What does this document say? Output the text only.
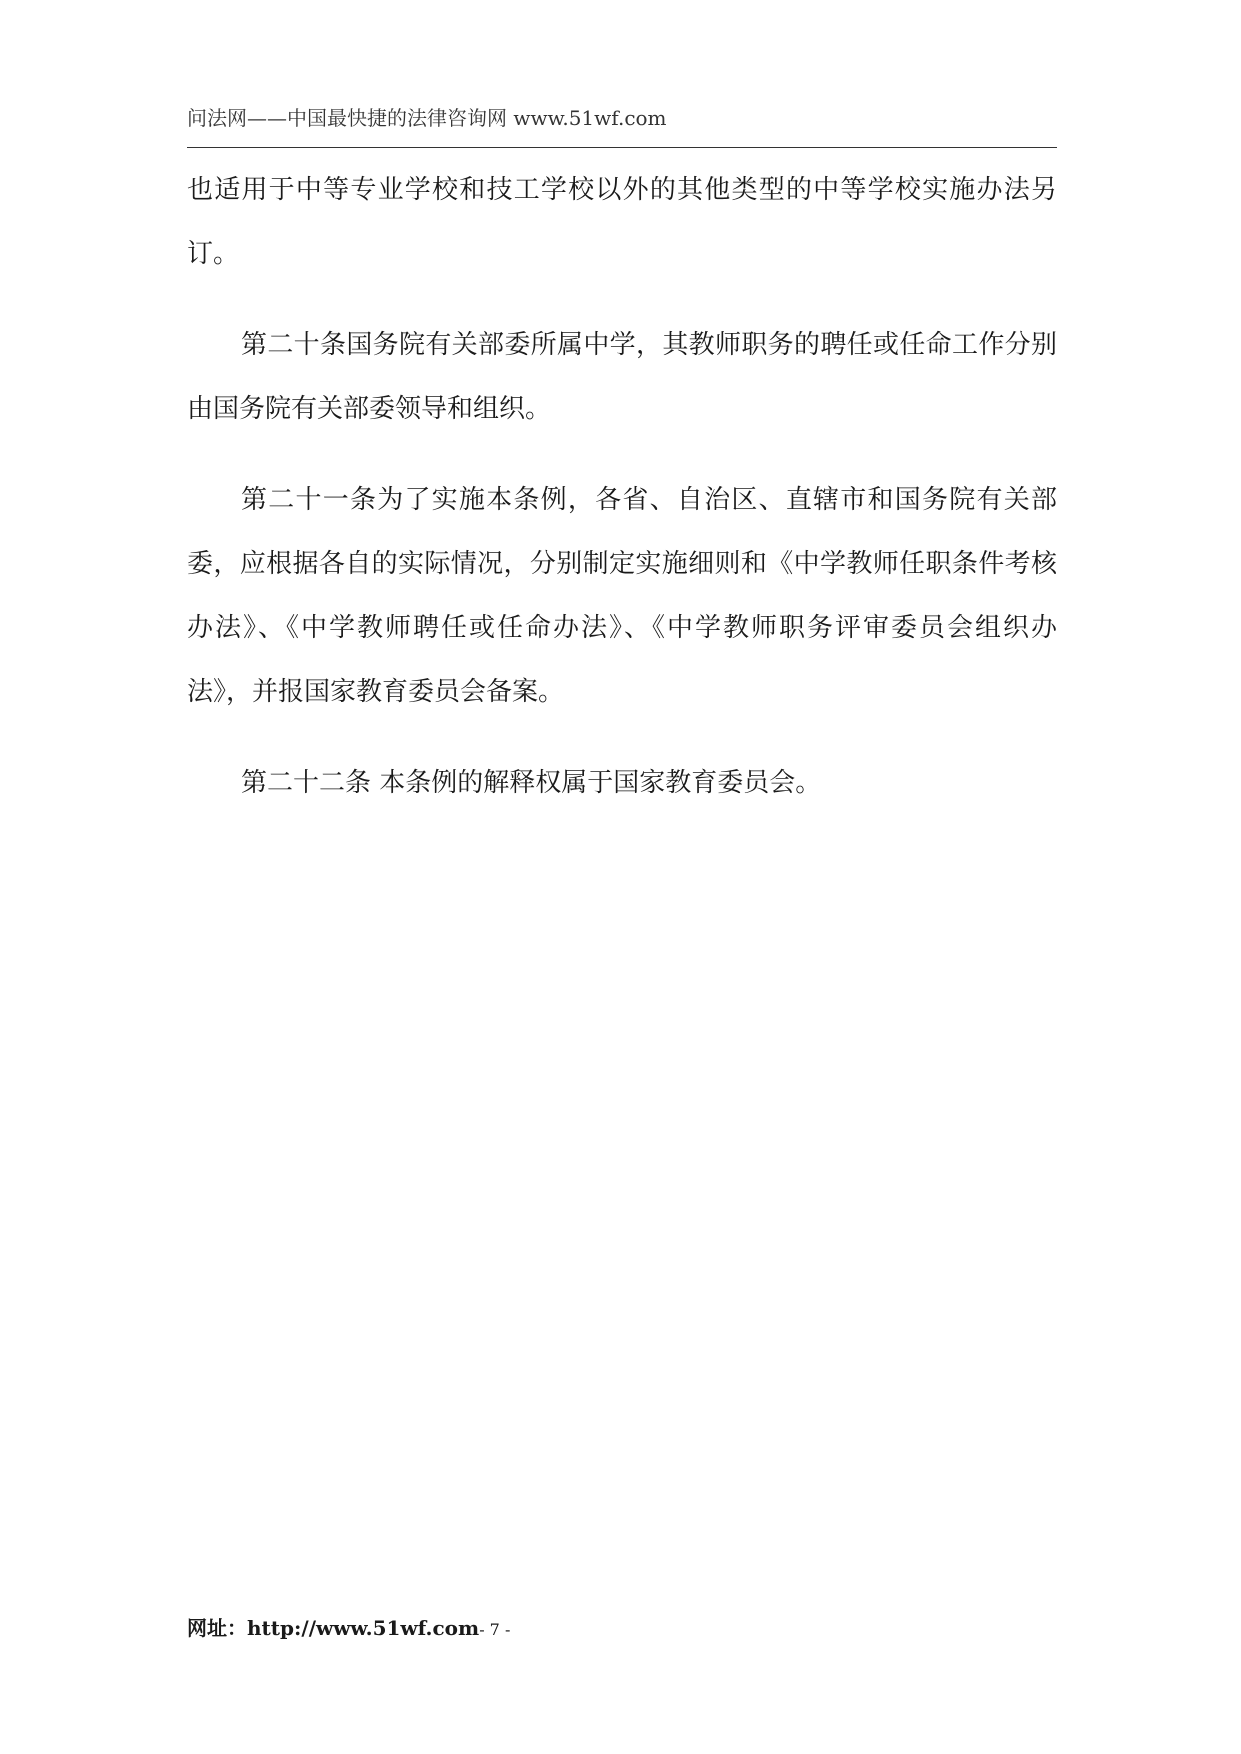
问法网——中国最快捷的法律咨询网 www.51wf.com

也适用于中等专业学校和技工学校以外的其他类型的中等学校实施办法另订。

第二十条国务院有关部委所属中学，其教师职务的聘任或任命工作分别由国务院有关部委领导和组织。

第二十一条为了实施本条例，各省、自治区、直辖市和国务院有关部委，应根据各自的实际情况，分别制定实施细则和《中学教师任职条件考核办法》、《中学教师聘任或任命办法》、《中学教师职务评审委员会组织办法》，并报国家教育委员会备案。

第二十二条 本条例的解释权属于国家教育委员会。

网址：http://www.51wf.com- 7 -
